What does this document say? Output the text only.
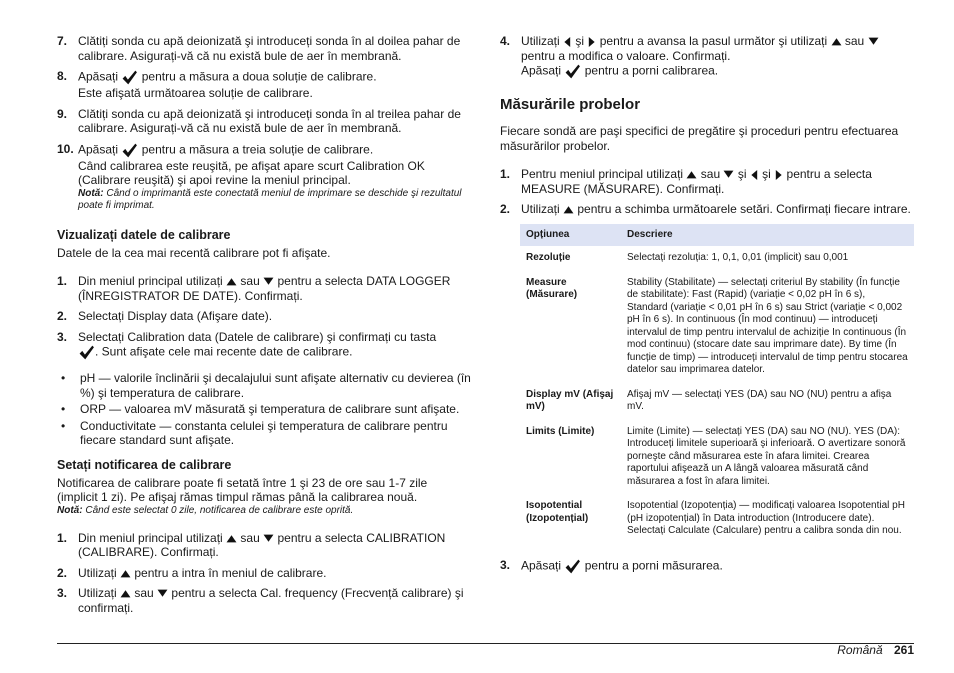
7. Clătiți sonda cu apă deionizată şi introduceți sonda în al doilea pahar de calibrare. Asigurați-vă că nu există bule de aer în membrană.
8. Apăsați pentru a măsura a doua soluție de calibrare.
Este afişată următoarea soluție de calibrare.
9. Clătiți sonda cu apă deionizată şi introduceți sonda în al treilea pahar de calibrare. Asigurați-vă că nu există bule de aer în membrană.
10. Apăsați pentru a măsura a treia soluție de calibrare.
Când calibrarea este reuşită, pe afişat apare scurt Calibration OK (Calibrare reuşită) şi apoi revine la meniul principal.
Notă: Când o imprimantă este conectată meniul de imprimare se deschide şi rezultatul poate fi imprimat.
Vizualizați datele de calibrare

Datele de la cea mai recentă calibrare pot fi afişate.

1. Din meniul principal utilizați sau pentru a selecta DATA LOGGER (ÎNREGISTRATOR DE DATE). Confirmați.
2. Selectați Display data (Afişare date).
3. Selectați Calibration data (Datele de calibrare) şi confirmați cu tasta
. Sunt afişate cele mai recente date de calibrare.
• pH — valorile înclinării şi decalajului sunt afişate alternativ cu devierea (în %) şi temperatura de calibrare.
• ORP — valoarea mV măsurată şi temperatura de calibrare sunt afişate.
• Conductivitate — constanta celulei şi temperatura de calibrare pentru fiecare standard sunt afişate.
Setați notificarea de calibrare
Notificarea de calibrare poate fi setată între 1 şi 23 de ore sau 1-7 zile (implicit 1 zi). Pe afişaj rămas timpul rămas până la calibrarea nouă.
Notă: Când este selectat 0 zile, notificarea de calibrare este oprită.
1. Din meniul principal utilizați sau pentru a selecta CALIBRATION (CALIBRARE). Confirmați.
2. Utilizați pentru a intra în meniul de calibrare.
3. Utilizați sau pentru a selecta Cal. frequency (Frecvență calibrare) şi confirmați.
4. Utilizați şi pentru a avansa la pasul următor şi utilizați sau
pentru a modifica o valoare. Confirmați.
Apăsați pentru a porni calibrarea.
Măsurările probelor

Fiecare sondă are paşi specifici de pregătire şi proceduri pentru efectuarea măsurărilor probelor.

1. Pentru meniul principal utilizați sau şi şi pentru a selecta MEASURE (MĂSURARE). Confirmați.
2. Utilizați pentru a schimba următoarele setări. Confirmați fiecare intrare.
Opțiunea	Descriere
Rezoluție	Selectați rezoluția: 1, 0,1, 0,01 (implicit) sau 0,001
Measure (Măsurare)	Stability (Stabilitate) — selectați criteriul By stability (În funcție de stabilitate): Fast (Rapid) (variație < 0,02 pH în 6 s), Standard (variație < 0,01 pH în 6 s) sau Strict (variație < 0,002 pH în 6 s). In continuous (În mod continuu) — introduceți intervalul de timp pentru intervalul de achiziție In continuous (În mod continuu) (stocare date sau imprimare date). By time (În funcție de timp) — introduceți intervalul de timp pentru stocarea datelor sau imprimarea datelor.
Display mV (Afişaj mV)	Afişaj mV — selectați YES (DA) sau NO (NU) pentru a afişa mV.
Limits (Limite)	Limite (Limite) — selectați YES (DA) sau NO (NU). YES (DA): Introduceți limitele superioară şi inferioară. O avertizare sonoră porneşte când măsurarea este în afara limitei. Crearea raportului afişează un A lângă valoarea măsurată când măsurarea a fost în afara limitei.
Isopotential (Izopotențial)	Isopotential (Izopotenția) — modificați valoarea Isopotential pH (pH izopotențial) în Data introduction (Introducere date). Selectați Calculate (Calculare) pentru a calibra sonda din nou.
3. Apăsați pentru a porni măsurarea.
Română 261
